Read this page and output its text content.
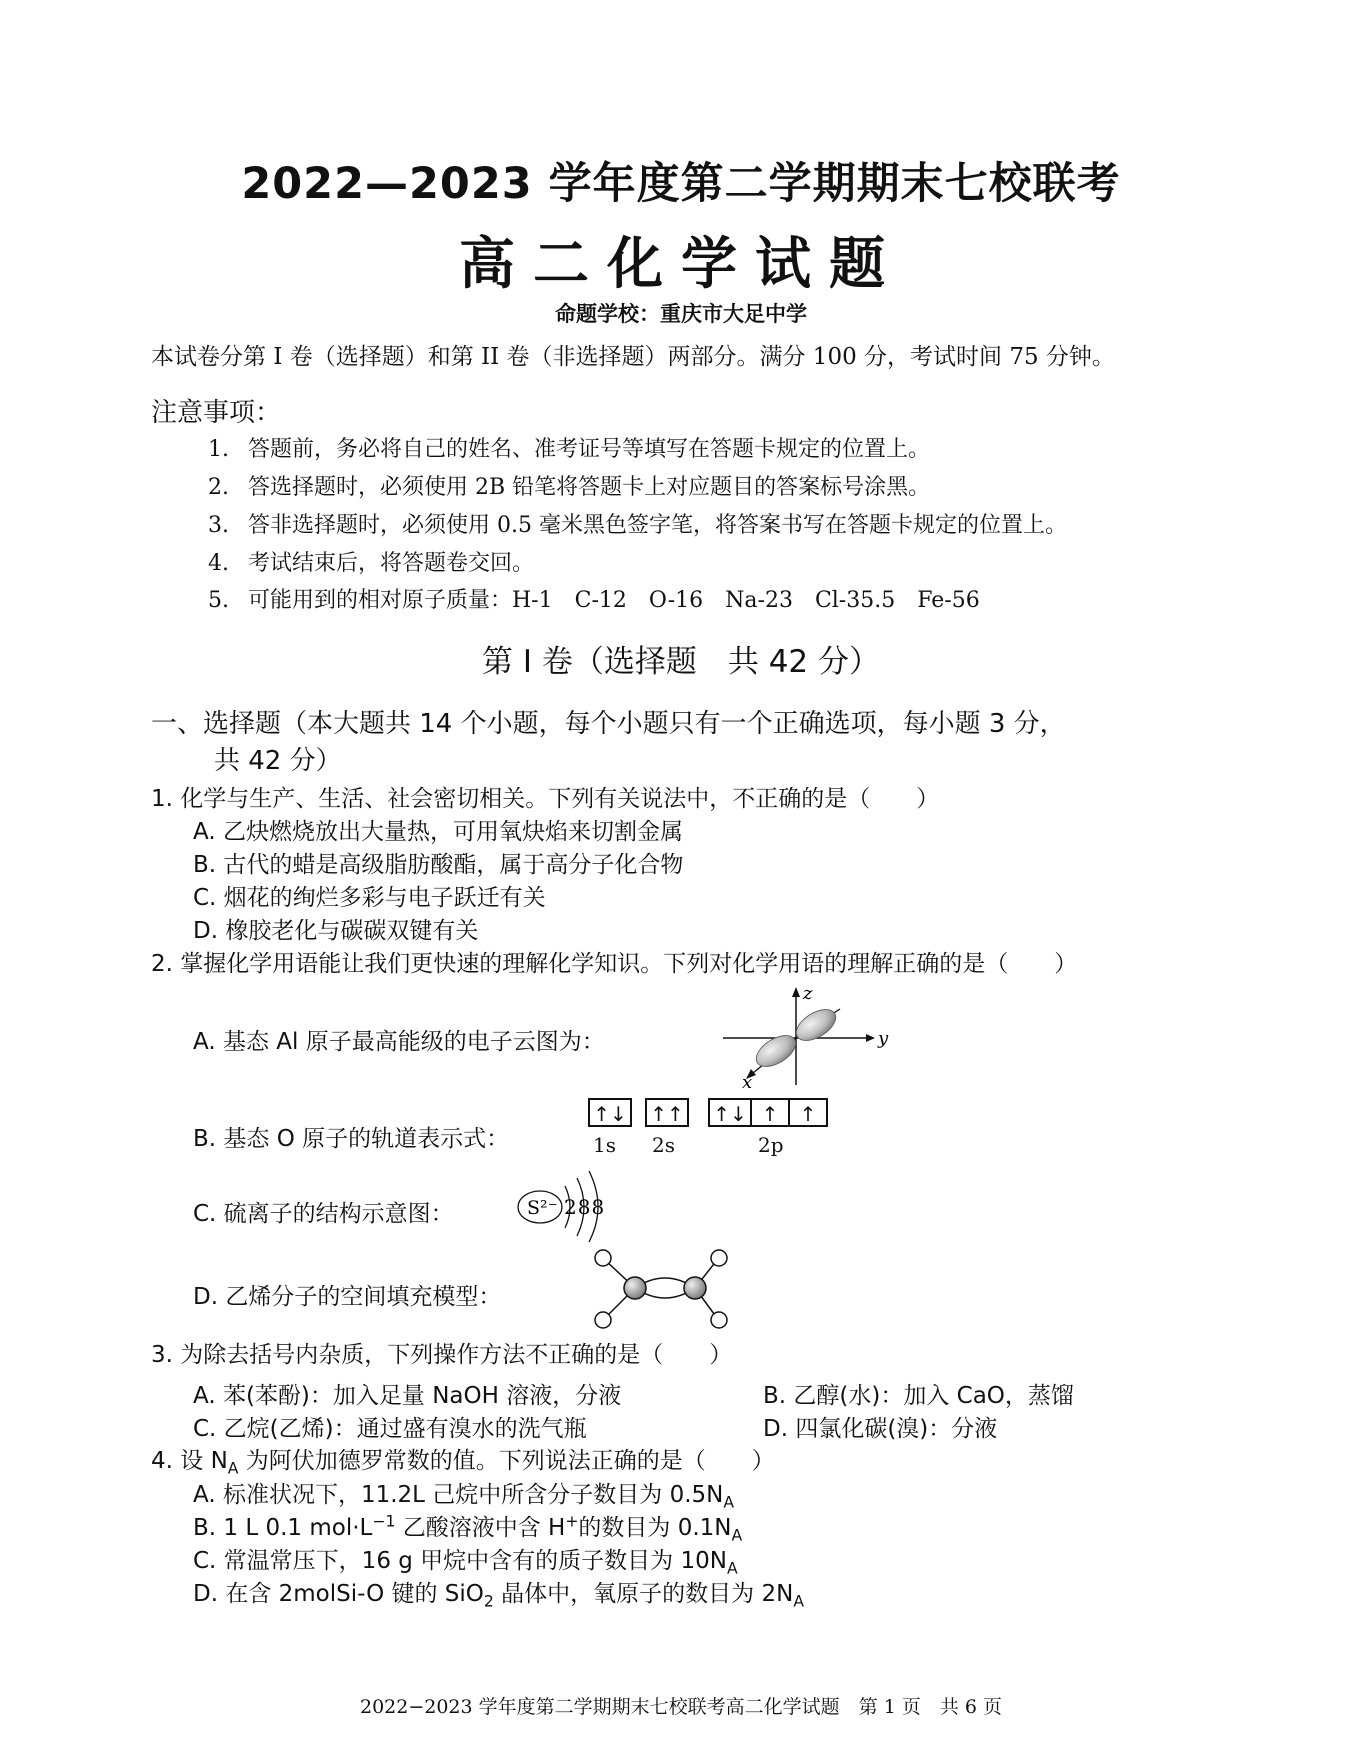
2022—2023 学年度第二学期期末七校联考
高二化学试题
命题学校：重庆市大足中学
本试卷分第 I 卷（选择题）和第 II 卷（非选择题）两部分。满分 100 分，考试时间 75 分钟。
注意事项：
1. 答题前，务必将自己的姓名、准考证号等填写在答题卡规定的位置上。
2. 答选择题时，必须使用 2B 铅笔将答题卡上对应题目的答案标号涂黑。
3. 答非选择题时，必须使用 0.5 毫米黑色签字笔，将答案书写在答题卡规定的位置上。
4. 考试结束后，将答题卷交回。
5. 可能用到的相对原子质量：H-1　C-12　O-16　Na-23　Cl-35.5　Fe-56
第 I 卷（选择题　共 42 分）
一、选择题（本大题共 14 个小题，每个小题只有一个正确选项，每小题 3 分，
共 42 分）
1. 化学与生产、生活、社会密切相关。下列有关说法中，不正确的是（　　）
A. 乙炔燃烧放出大量热，可用氧炔焰来切割金属
B. 古代的蜡是高级脂肪酸酯，属于高分子化合物
C. 烟花的绚烂多彩与电子跃迁有关
D. 橡胶老化与碳碳双键有关
2. 掌握化学用语能让我们更快速的理解化学知识。下列对化学用语的理解正确的是（　　）
A. 基态 Al 原子最高能级的电子云图为：
z
y
x
B. 基态 O 原子的轨道表示式：
↑↓ ↑↑ ↑↓ ↑	↑
1s 2s	2p
C. 硫离子的结构示意图：	S²⁻ 288
D. 乙烯分子的空间填充模型：
3. 为除去括号内杂质，下列操作方法不正确的是（　　）
A. 苯(苯酚)：加入足量 NaOH 溶液，分液	B. 乙醇(水)：加入 CaO，蒸馏
C. 乙烷(乙烯)：通过盛有溴水的洗气瓶	D. 四氯化碳(溴)：分液
4. 设 $N_A$ 为阿伏加德罗常数的值。下列说法正确的是（　　）
A. 标准状况下，11.2L 己烷中所含分子数目为 $0.5N_A$
B. 1 L 0.1 $mol\cdot L^{-1}$ 乙酸溶液中含 H+的数目为 $0.1N_A$
C. 常温常压下，16 g 甲烷中含有的质子数目为 $10N_A$
D. 在含 2molSi-O 键的 SiO$_2$ 晶体中，氧原子的数目为 $2N_A$
2022−2023 学年度第二学期期末七校联考高二化学试题　第 1 页　共 6 页
